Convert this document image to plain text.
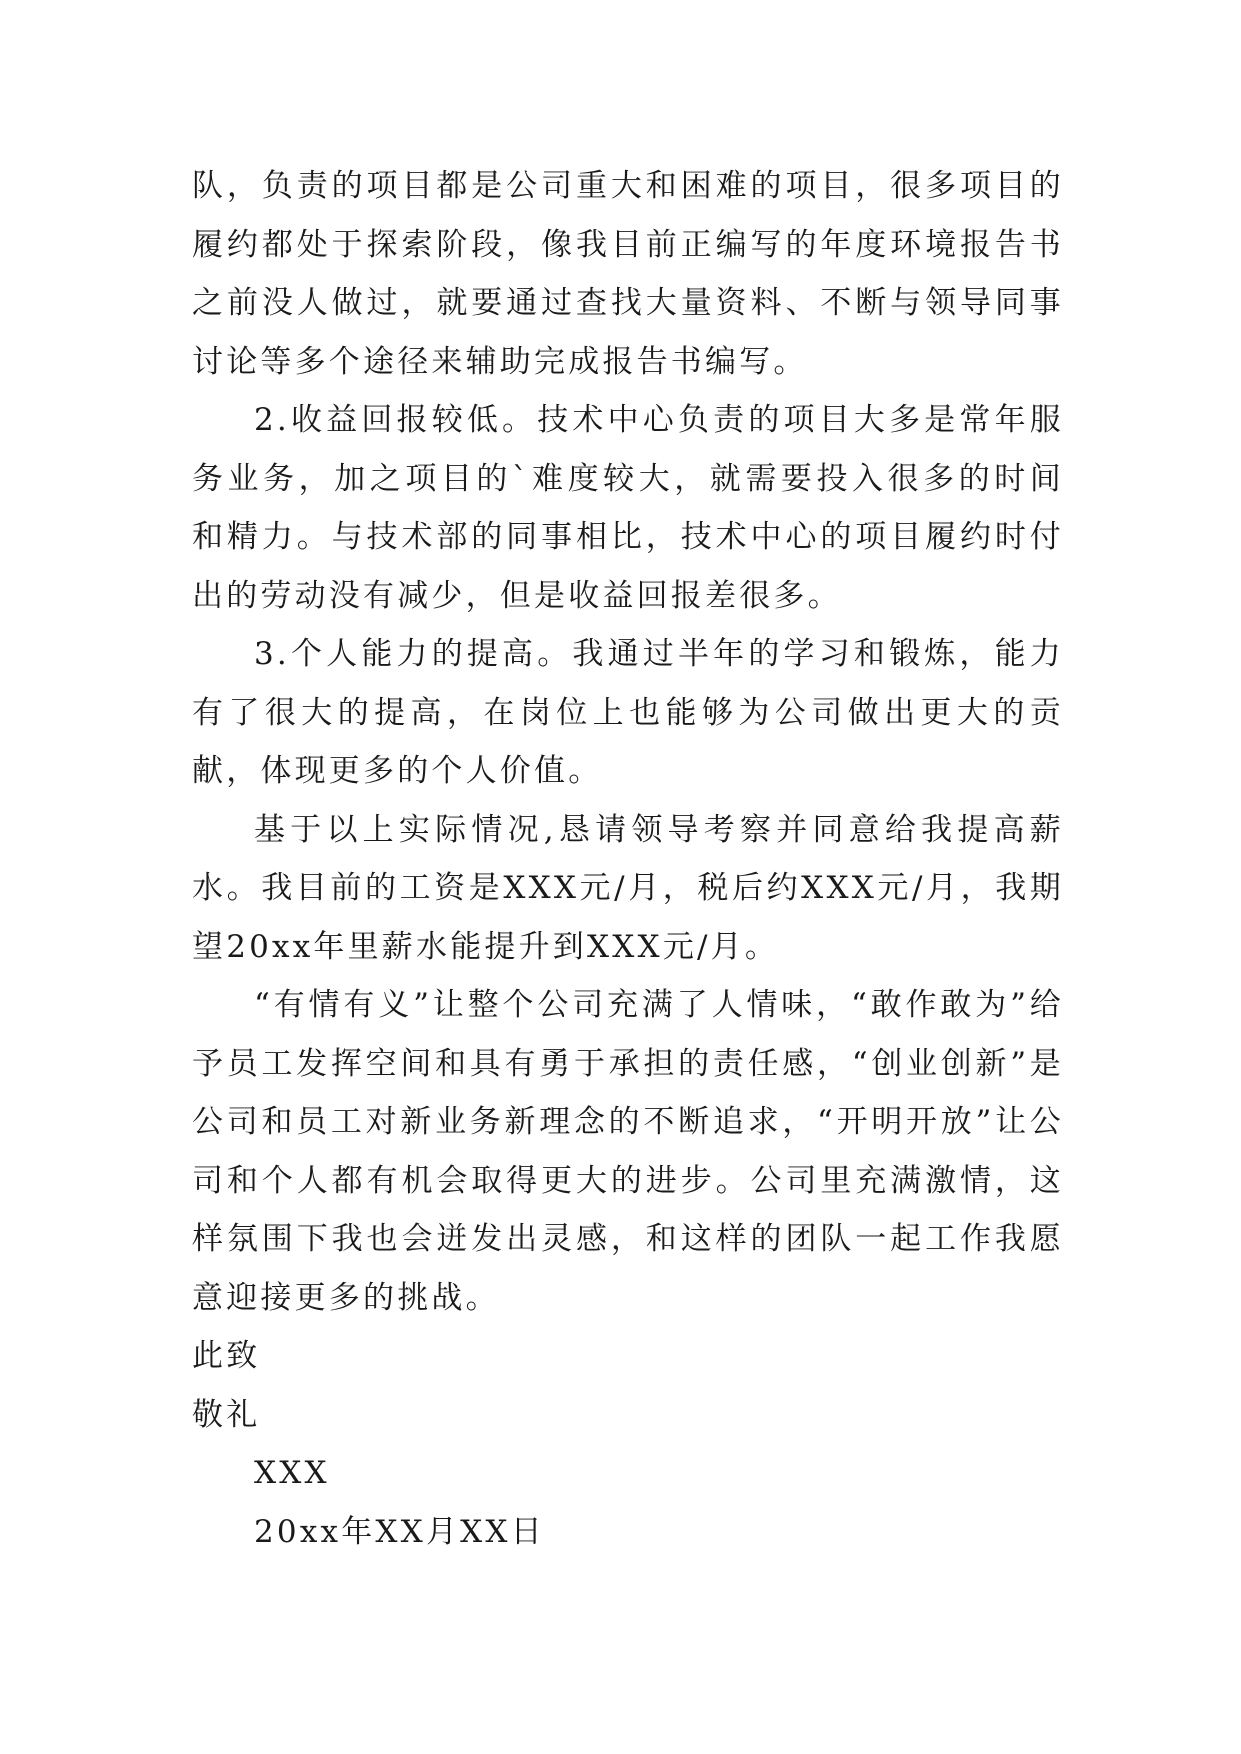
队，负责的项目都是公司重大和困难的项目，很多项目的履约都处于探索阶段，像我目前正编写的年度环境报告书之前没人做过，就要通过查找大量资料、不断与领导同事讨论等多个途径来辅助完成报告书编写。

2.收益回报较低。技术中心负责的项目大多是常年服务业务，加之项目的`难度较大，就需要投入很多的时间和精力。与技术部的同事相比，技术中心的项目履约时付出的劳动没有减少，但是收益回报差很多。

3.个人能力的提高。我通过半年的学习和锻炼，能力有了很大的提高，在岗位上也能够为公司做出更大的贡献，体现更多的个人价值。

基于以上实际情况,恳请领导考察并同意给我提高薪水。我目前的工资是XXX元/月，税后约XXX元/月，我期望20xx年里薪水能提升到XXX元/月。

“有情有义”让整个公司充满了人情味，“敢作敢为”给予员工发挥空间和具有勇于承担的责任感，“创业创新”是公司和员工对新业务新理念的不断追求，“开明开放”让公司和个人都有机会取得更大的进步。公司里充满激情，这样氛围下我也会迸发出灵感，和这样的团队一起工作我愿意迎接更多的挑战。

此致

敬礼

XXX

20xx年XX月XX日
